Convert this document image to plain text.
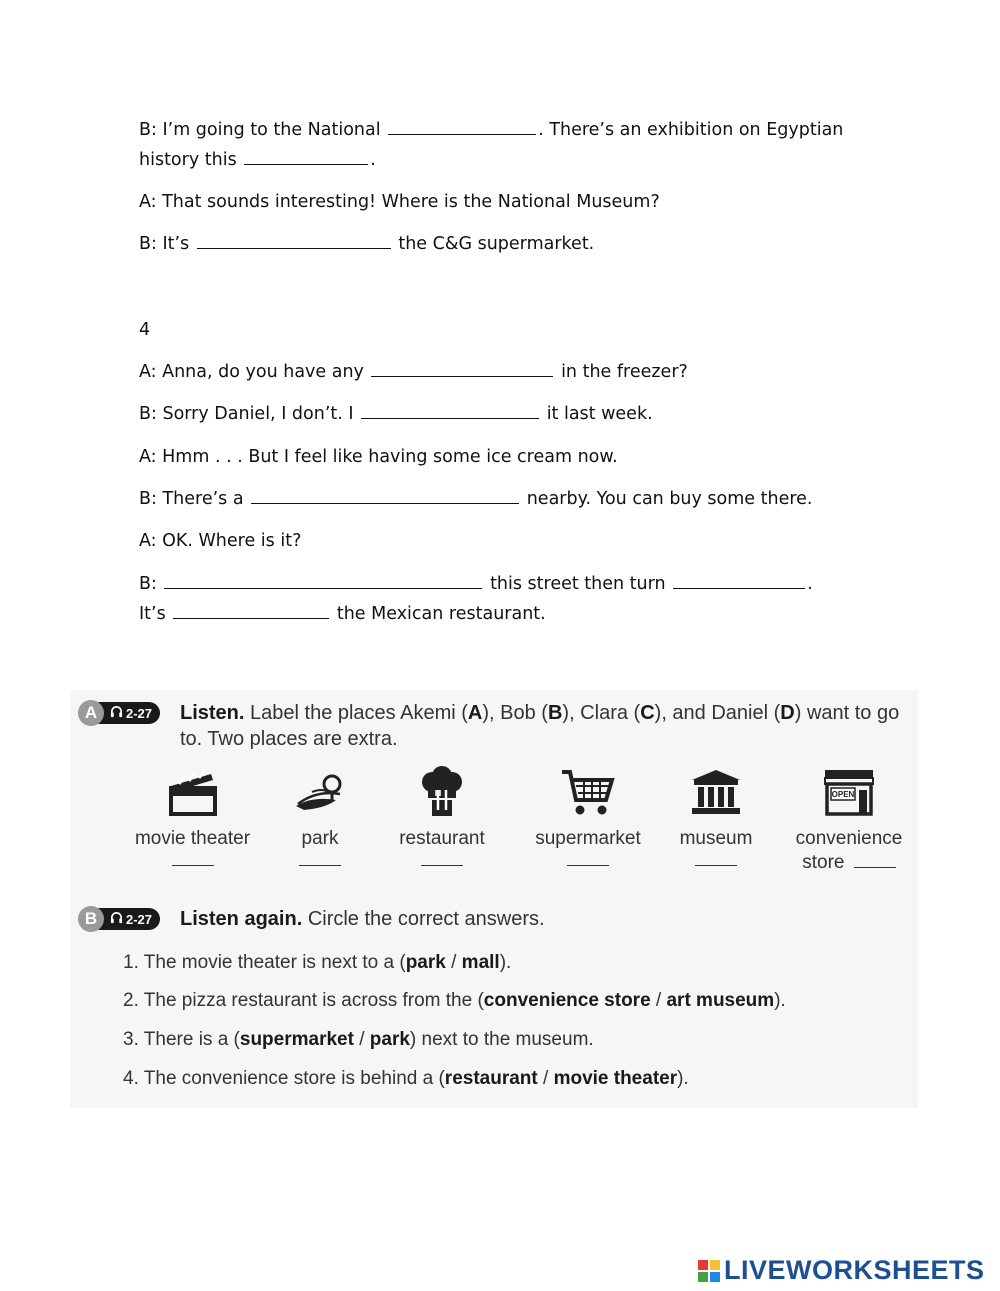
B: I’m going to the National	. There’s an exhibition on Egyptian
history this	.
A: That sounds interesting! Where is the National Museum?
B: It’s	the C&G supermarket.
4
A: Anna, do you have any	in the freezer?
B: Sorry Daniel, I don’t. I	it last week.
A: Hmm . . . But I feel like having some ice cream now.
B: There’s a	nearby. You can buy some there.
A: OK. Where is it?
B:	this street then turn	.
It’s	the Mexican restaurant.
A	2-27 Listen. Label the places Akemi (A), Bob (B), Clara (C), and Daniel (D) want to go
to. Two places are extra.
movie theater	park	restaurant	supermarket	museum
OPEN
convenience
store
B	2-27 Listen again. Circle the correct answers.
1. The movie theater is next to a (park / mall).
2. The pizza restaurant is across from the (convenience store / art museum).
3. There is a (supermarket / park) next to the museum.
4. The convenience store is behind a (restaurant / movie theater).
LIVEWORKSHEETS
